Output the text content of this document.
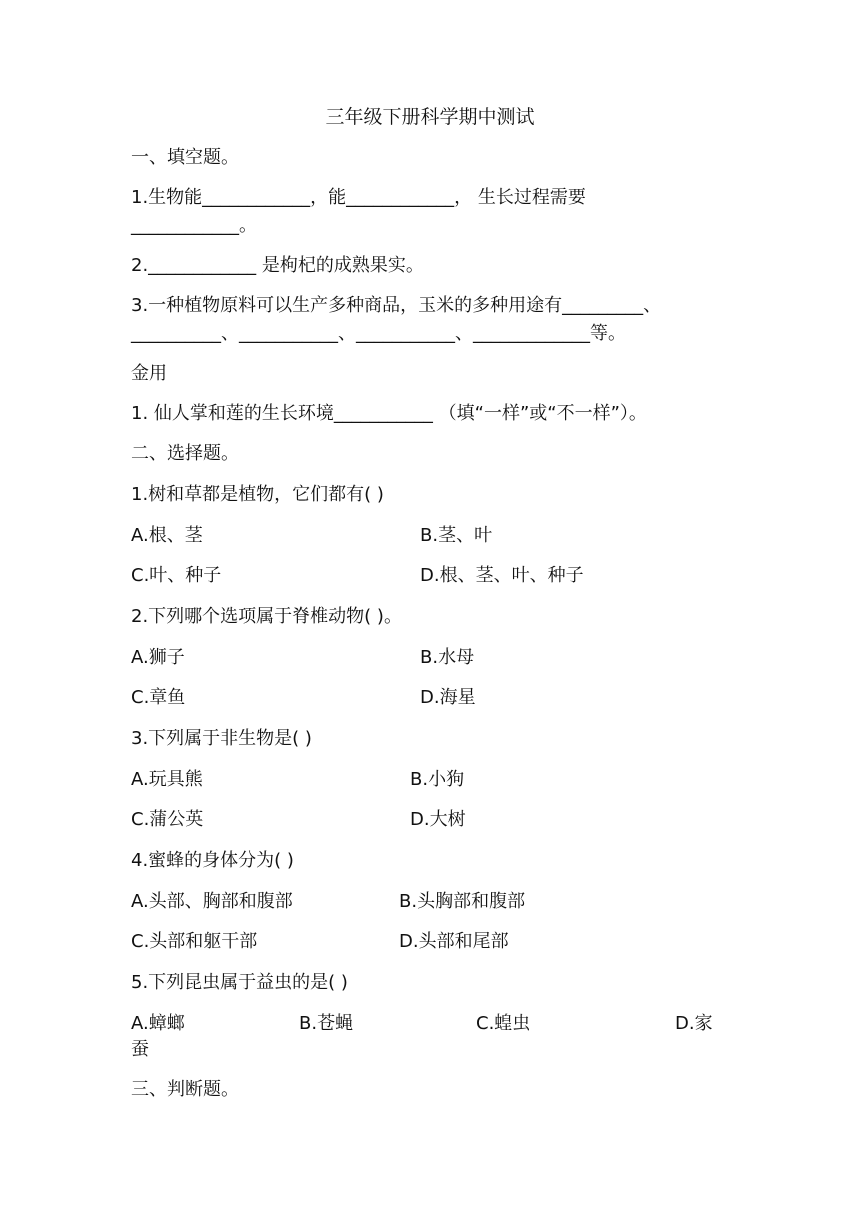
三年级下册科学期中测试
一、填空题。
1.生物能____________，能____________， 生长过程需要
____________。
2.____________ 是枸杞的成熟果实。
3.一种植物原料可以生产多种商品，玉米的多种用途有_________、
__________、___________、___________、_____________等。
金用
1. 仙人掌和莲的生长环境___________ （填“一样”或“不一样”）。
二、选择题。
1.树和草都是植物，它们都有( )
A.根、茎	B.茎、叶
C.叶、种子	D.根、茎、叶、种子
2.下列哪个选项属于脊椎动物( )。
A.狮子	B.水母
C.章鱼	D.海星
3.下列属于非生物是( )
A.玩具熊	B.小狗
C.蒲公英	D.大树
4.蜜蜂的身体分为( )
A.头部、胸部和腹部	B.头胸部和腹部
C.头部和躯干部	D.头部和尾部
5.下列昆虫属于益虫的是( )
A.蟑螂	B.苍蝇	C.蝗虫	D.家
蚕
三、判断题。
